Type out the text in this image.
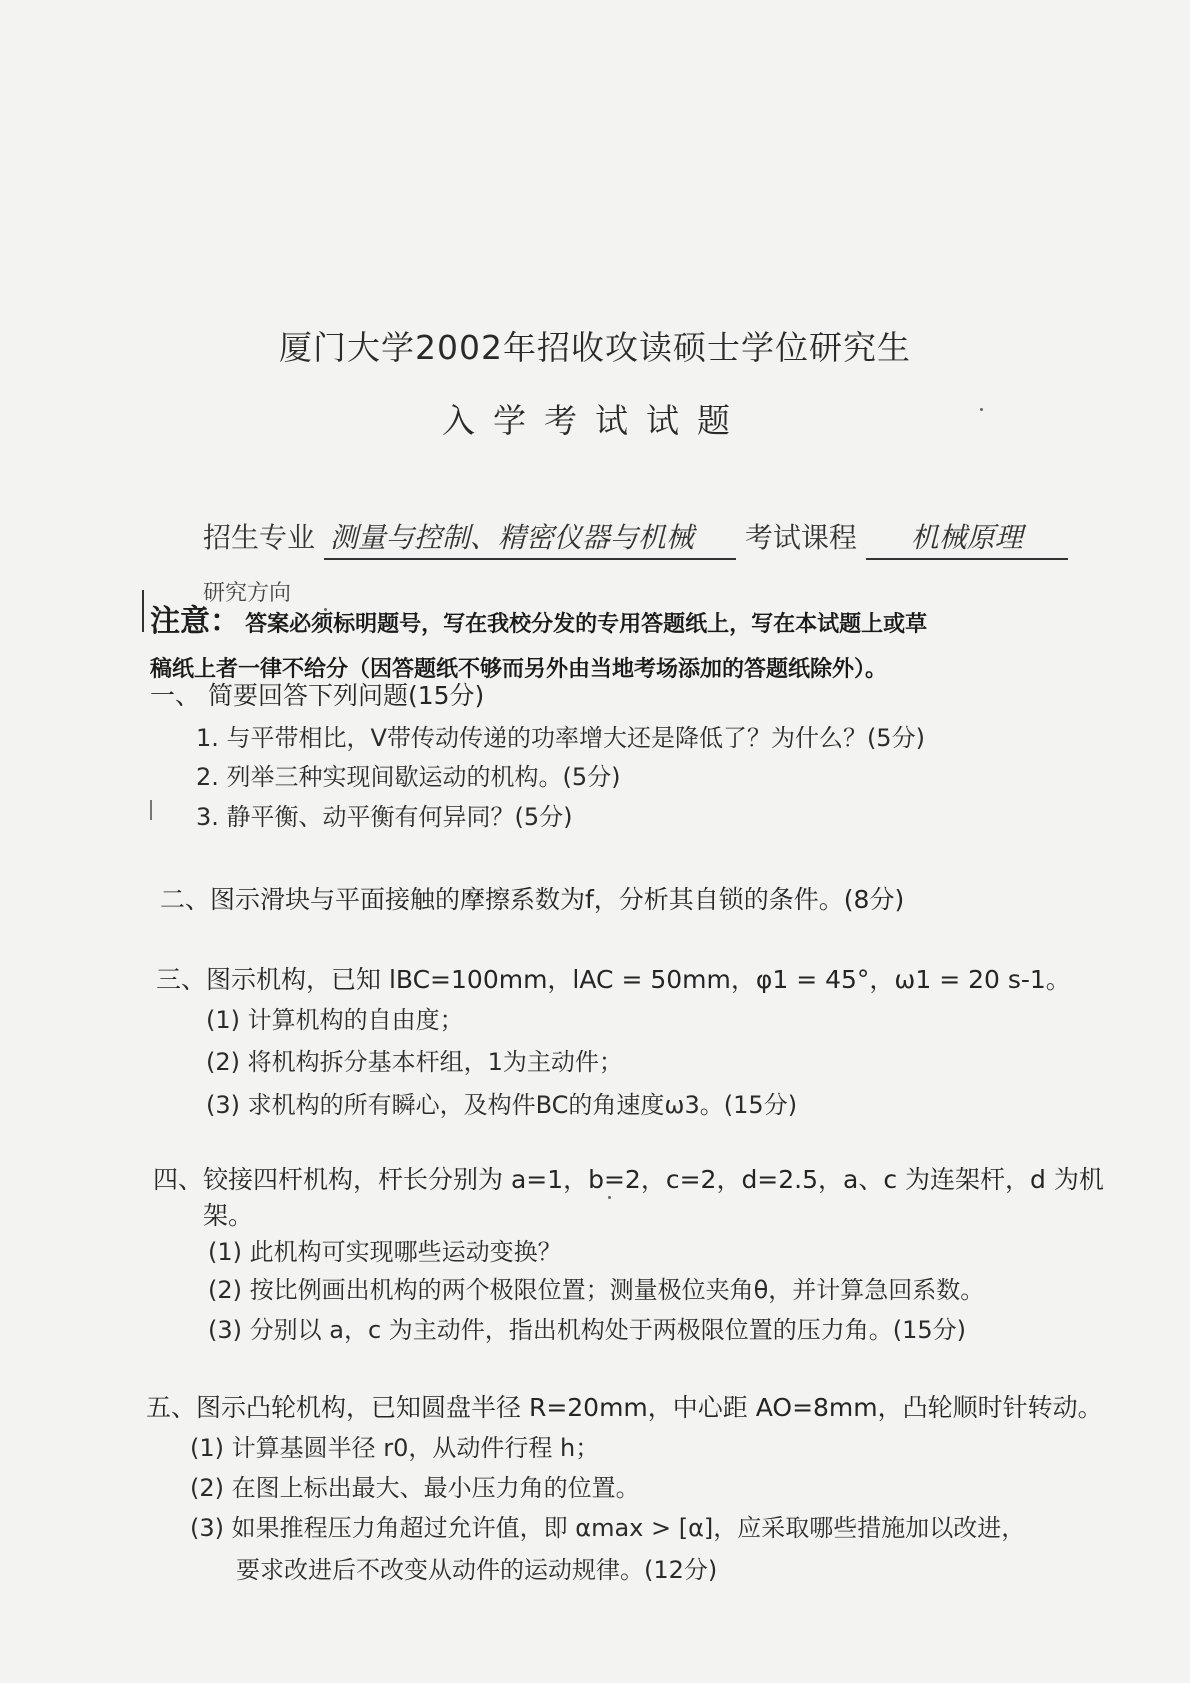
厦门大学2002年招收攻读硕士学位研究生
入学考试试题
招生专业 测量与控制、精密仪器与机械 考试课程 机械原理
研究方向
注意： 答案必须标明题号，写在我校分发的专用答题纸上，写在本试题上或草
稿纸上者一律不给分（因答题纸不够而另外由当地考场添加的答题纸除外）。
一、 简要回答下列问题(15分)
1. 与平带相比，V带传动传递的功率增大还是降低了？为什么？(5分)
2. 列举三种实现间歇运动的机构。(5分)
3. 静平衡、动平衡有何异同？(5分)
二、图示滑块与平面接触的摩擦系数为f，分析其自锁的条件。(8分)
三、图示机构，已知 lBC=100mm，lAC = 50mm，φ1 = 45°，ω1 = 20 s-1。
(1) 计算机构的自由度；
(2) 将机构拆分基本杆组，1为主动件；
(3) 求机构的所有瞬心，及构件BC的角速度ω3。(15分)
四、铰接四杆机构，杆长分别为 a=1，b=2，c=2，d=2.5，a、c 为连架杆，d 为机
架。
(1) 此机构可实现哪些运动变换？
(2) 按比例画出机构的两个极限位置；测量极位夹角θ，并计算急回系数。
(3) 分别以 a，c 为主动件，指出机构处于两极限位置的压力角。(15分)
五、图示凸轮机构，已知圆盘半径 R=20mm，中心距 AO=8mm，凸轮顺时针转动。
(1) 计算基圆半径 r0，从动件行程 h；
(2) 在图上标出最大、最小压力角的位置。
(3) 如果推程压力角超过允许值，即 αmax > [α]，应采取哪些措施加以改进，
要求改进后不改变从动件的运动规律。(12分)
